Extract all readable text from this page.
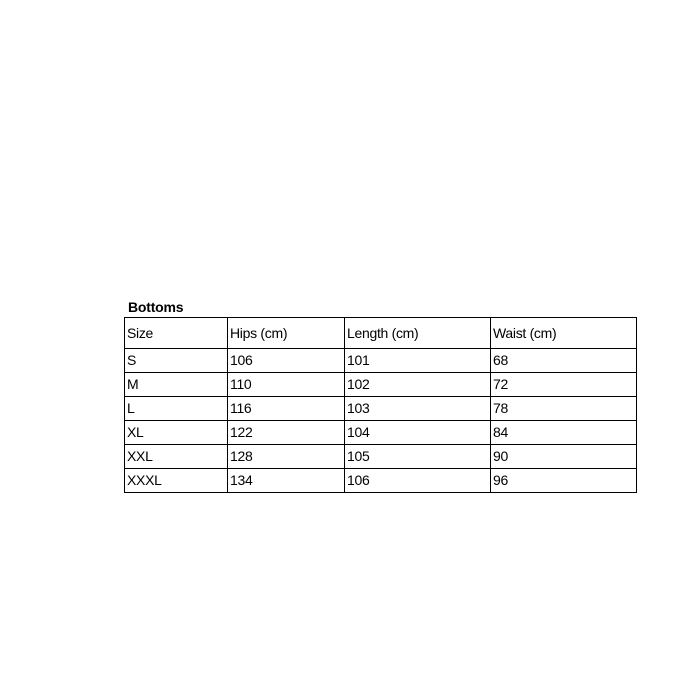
Bottoms
Size	Hips (cm)	Length (cm)	Waist (cm)
S	106	101	68
M	110	102	72
L	116	103	78
XL	122	104	84
XXL	128	105	90
XXXL	134	106	96
